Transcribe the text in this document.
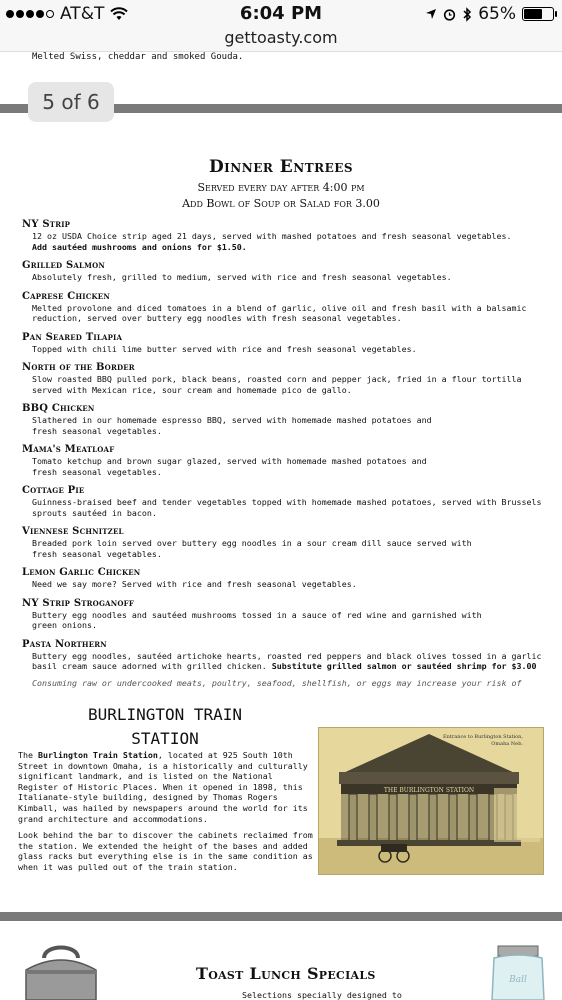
AT&T	6:04 PM	65%
gettoasty.com
Melted Swiss, cheddar and smoked Gouda.
5 of 6
Dinner Entrees
Served every day after 4:00 pm
Add Bowl of Soup or Salad for 3.00
NY Strip
12 oz USDA Choice strip aged 21 days, served with mashed potatoes and fresh seasonal vegetables.
Add sautéed mushrooms and onions for $1.50.
Grilled Salmon
Absolutely fresh, grilled to medium, served with rice and fresh seasonal vegetables.
Caprese Chicken
Melted provolone and diced tomatoes in a blend of garlic, olive oil and fresh basil with a balsamic reduction, served over buttery egg noodles with fresh seasonal vegetables.
Pan Seared Tilapia
Topped with chili lime butter served with rice and fresh seasonal vegetables.
North of the Border
Slow roasted BBQ pulled pork, black beans, roasted corn and pepper jack, fried in a flour tortilla served with Mexican rice, sour cream and homemade pico de gallo.
BBQ Chicken
Slathered in our homemade espresso BBQ, served with homemade mashed potatoes and
fresh seasonal vegetables.
Mama's Meatloaf
Tomato ketchup and brown sugar glazed, served with homemade mashed potatoes and
fresh seasonal vegetables.
Cottage Pie
Guinness-braised beef and tender vegetables topped with homemade mashed potatoes, served with Brussels sprouts sautéed in bacon.
Viennese Schnitzel
Breaded pork loin served over buttery egg noodles in a sour cream dill sauce served with
fresh seasonal vegetables.
Lemon Garlic Chicken
Need we say more? Served with rice and fresh seasonal vegetables.
NY Strip Stroganoff
Buttery egg noodles and sautéed mushrooms tossed in a sauce of red wine and garnished with
green onions.
Pasta Northern
Buttery egg noodles, sautéed artichoke hearts, roasted red peppers and black olives tossed in a garlic basil cream sauce adorned with grilled chicken. Substitute grilled salmon or sautéed shrimp for $3.00
Consuming raw or undercooked meats, poultry, seafood, shellfish, or eggs may increase your risk of
BURLINGTON TRAIN
STATION

The Burlington Train Station, located at 925 South 10th Street in downtown Omaha, is a historically and culturally significant landmark, and is listed on the National Register of Historic Places. When it opened in 1898, this Italianate-style building, designed by Thomas Rogers Kimball, was hailed by newspapers around the world for its grand architecture and accommodations.

Look behind the bar to discover the cabinets reclaimed from the station. We extended the height of the bases and added glass racks but everything else is in the same condition as when it was pulled out of the train station.

THE BURLINGTON STATION
Entrance to Burlington Station,
Omaha Neb.
Ball
Toast Lunch Specials
Selections specially designed to
